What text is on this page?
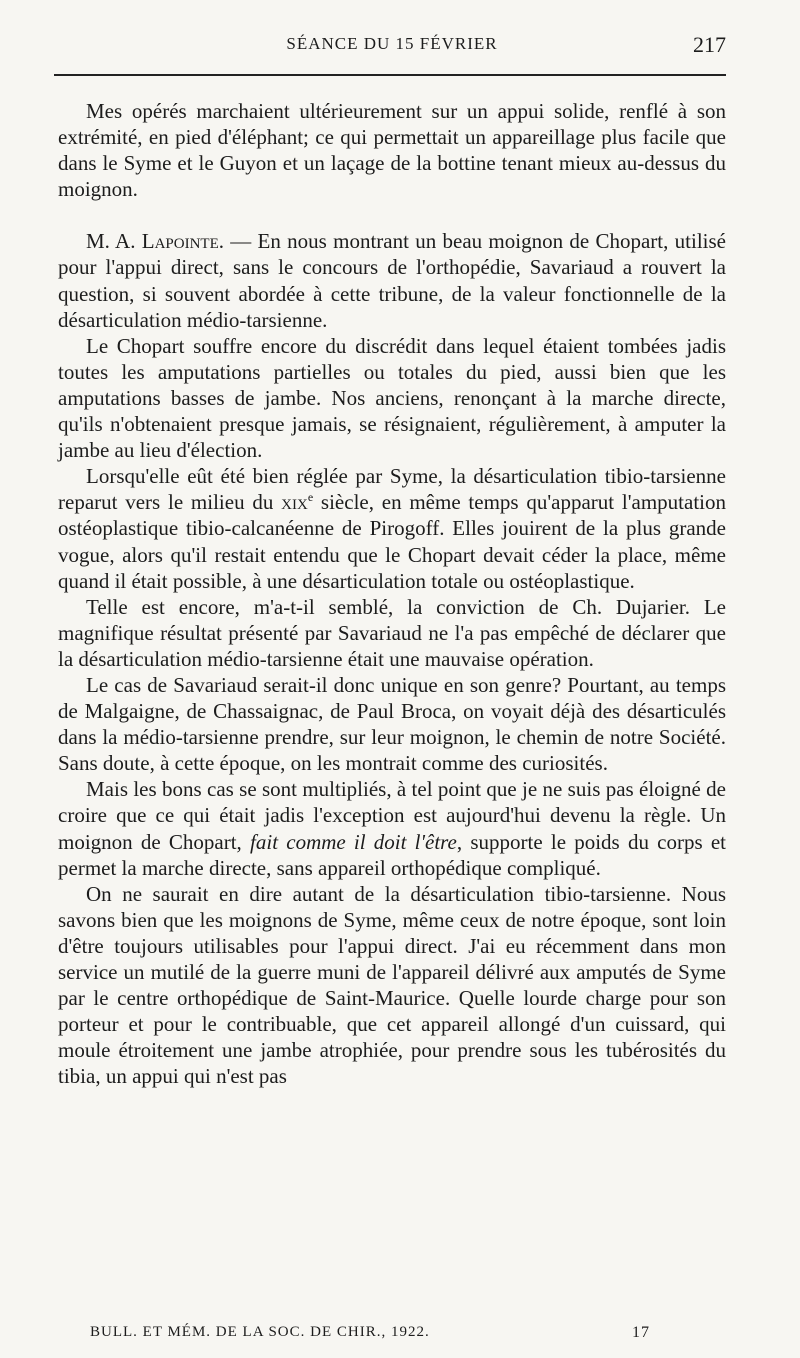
SÉANCE DU 15 FÉVRIER	217

Mes opérés marchaient ultérieurement sur un appui solide, renflé à son extrémité, en pied d'éléphant; ce qui permettait un appareillage plus facile que dans le Syme et le Guyon et un laçage de la bottine tenant mieux au-dessus du moignon.

M. A. Lapointe. — En nous montrant un beau moignon de Chopart, utilisé pour l'appui direct, sans le concours de l'orthopédie, Savariaud a rouvert la question, si souvent abordée à cette tribune, de la valeur fonctionnelle de la désarticulation médio-tarsienne.

Le Chopart souffre encore du discrédit dans lequel étaient tombées jadis toutes les amputations partielles ou totales du pied, aussi bien que les amputations basses de jambe. Nos anciens, renonçant à la marche directe, qu'ils n'obtenaient presque jamais, se résignaient, régulièrement, à amputer la jambe au lieu d'élection.

Lorsqu'elle eût été bien réglée par Syme, la désarticulation tibio-tarsienne reparut vers le milieu du xix$^e$ siècle, en même temps qu'apparut l'amputation ostéoplastique tibio-calcanéenne de Pirogoff. Elles jouirent de la plus grande vogue, alors qu'il restait entendu que le Chopart devait céder la place, même quand il était possible, à une désarticulation totale ou ostéoplastique.

Telle est encore, m'a-t-il semblé, la conviction de Ch. Dujarier. Le magnifique résultat présenté par Savariaud ne l'a pas empêché de déclarer que la désarticulation médio-tarsienne était une mauvaise opération.

Le cas de Savariaud serait-il donc unique en son genre? Pourtant, au temps de Malgaigne, de Chassaignac, de Paul Broca, on voyait déjà des désarticulés dans la médio-tarsienne prendre, sur leur moignon, le chemin de notre Société. Sans doute, à cette époque, on les montrait comme des curiosités.

Mais les bons cas se sont multipliés, à tel point que je ne suis pas éloigné de croire que ce qui était jadis l'exception est aujourd'hui devenu la règle. Un moignon de Chopart, fait comme il doit l'être, supporte le poids du corps et permet la marche directe, sans appareil orthopédique compliqué.

On ne saurait en dire autant de la désarticulation tibio-tarsienne. Nous savons bien que les moignons de Syme, même ceux de notre époque, sont loin d'être toujours utilisables pour l'appui direct. J'ai eu récemment dans mon service un mutilé de la guerre muni de l'appareil délivré aux amputés de Syme par le centre orthopédique de Saint-Maurice. Quelle lourde charge pour son porteur et pour le contribuable, que cet appareil allongé d'un cuissard, qui moule étroitement une jambe atrophiée, pour prendre sous les tubérosités du tibia, un appui qui n'est pas

BULL. ET MÉM. DE LA SOC. DE CHIR., 1922.	17
